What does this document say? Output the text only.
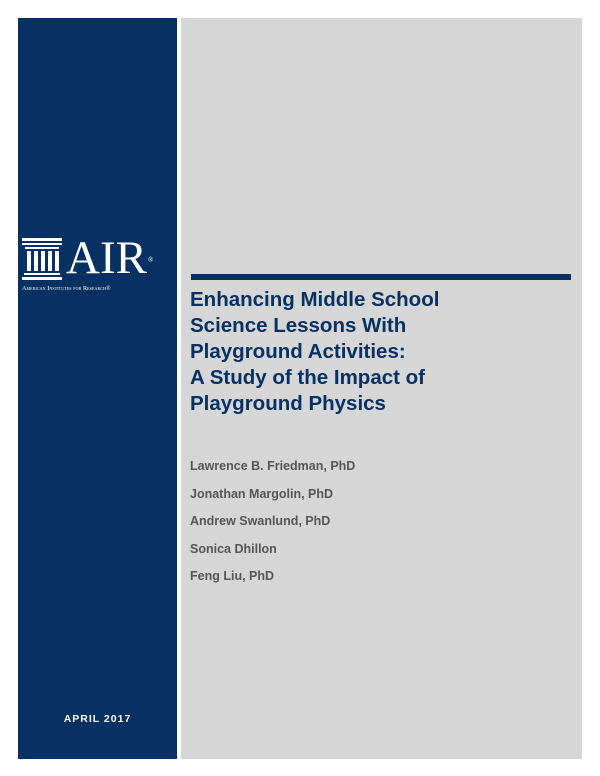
AIR®
American Institutes for Research®	Enhancing Middle School
Science Lessons With
Playground Activities:
A Study of the Impact of
Playground Physics
Lawrence B. Friedman, PhD
Jonathan Margolin, PhD
Andrew Swanlund, PhD
Sonica Dhillon
Feng Liu, PhD
APRIL 2017
